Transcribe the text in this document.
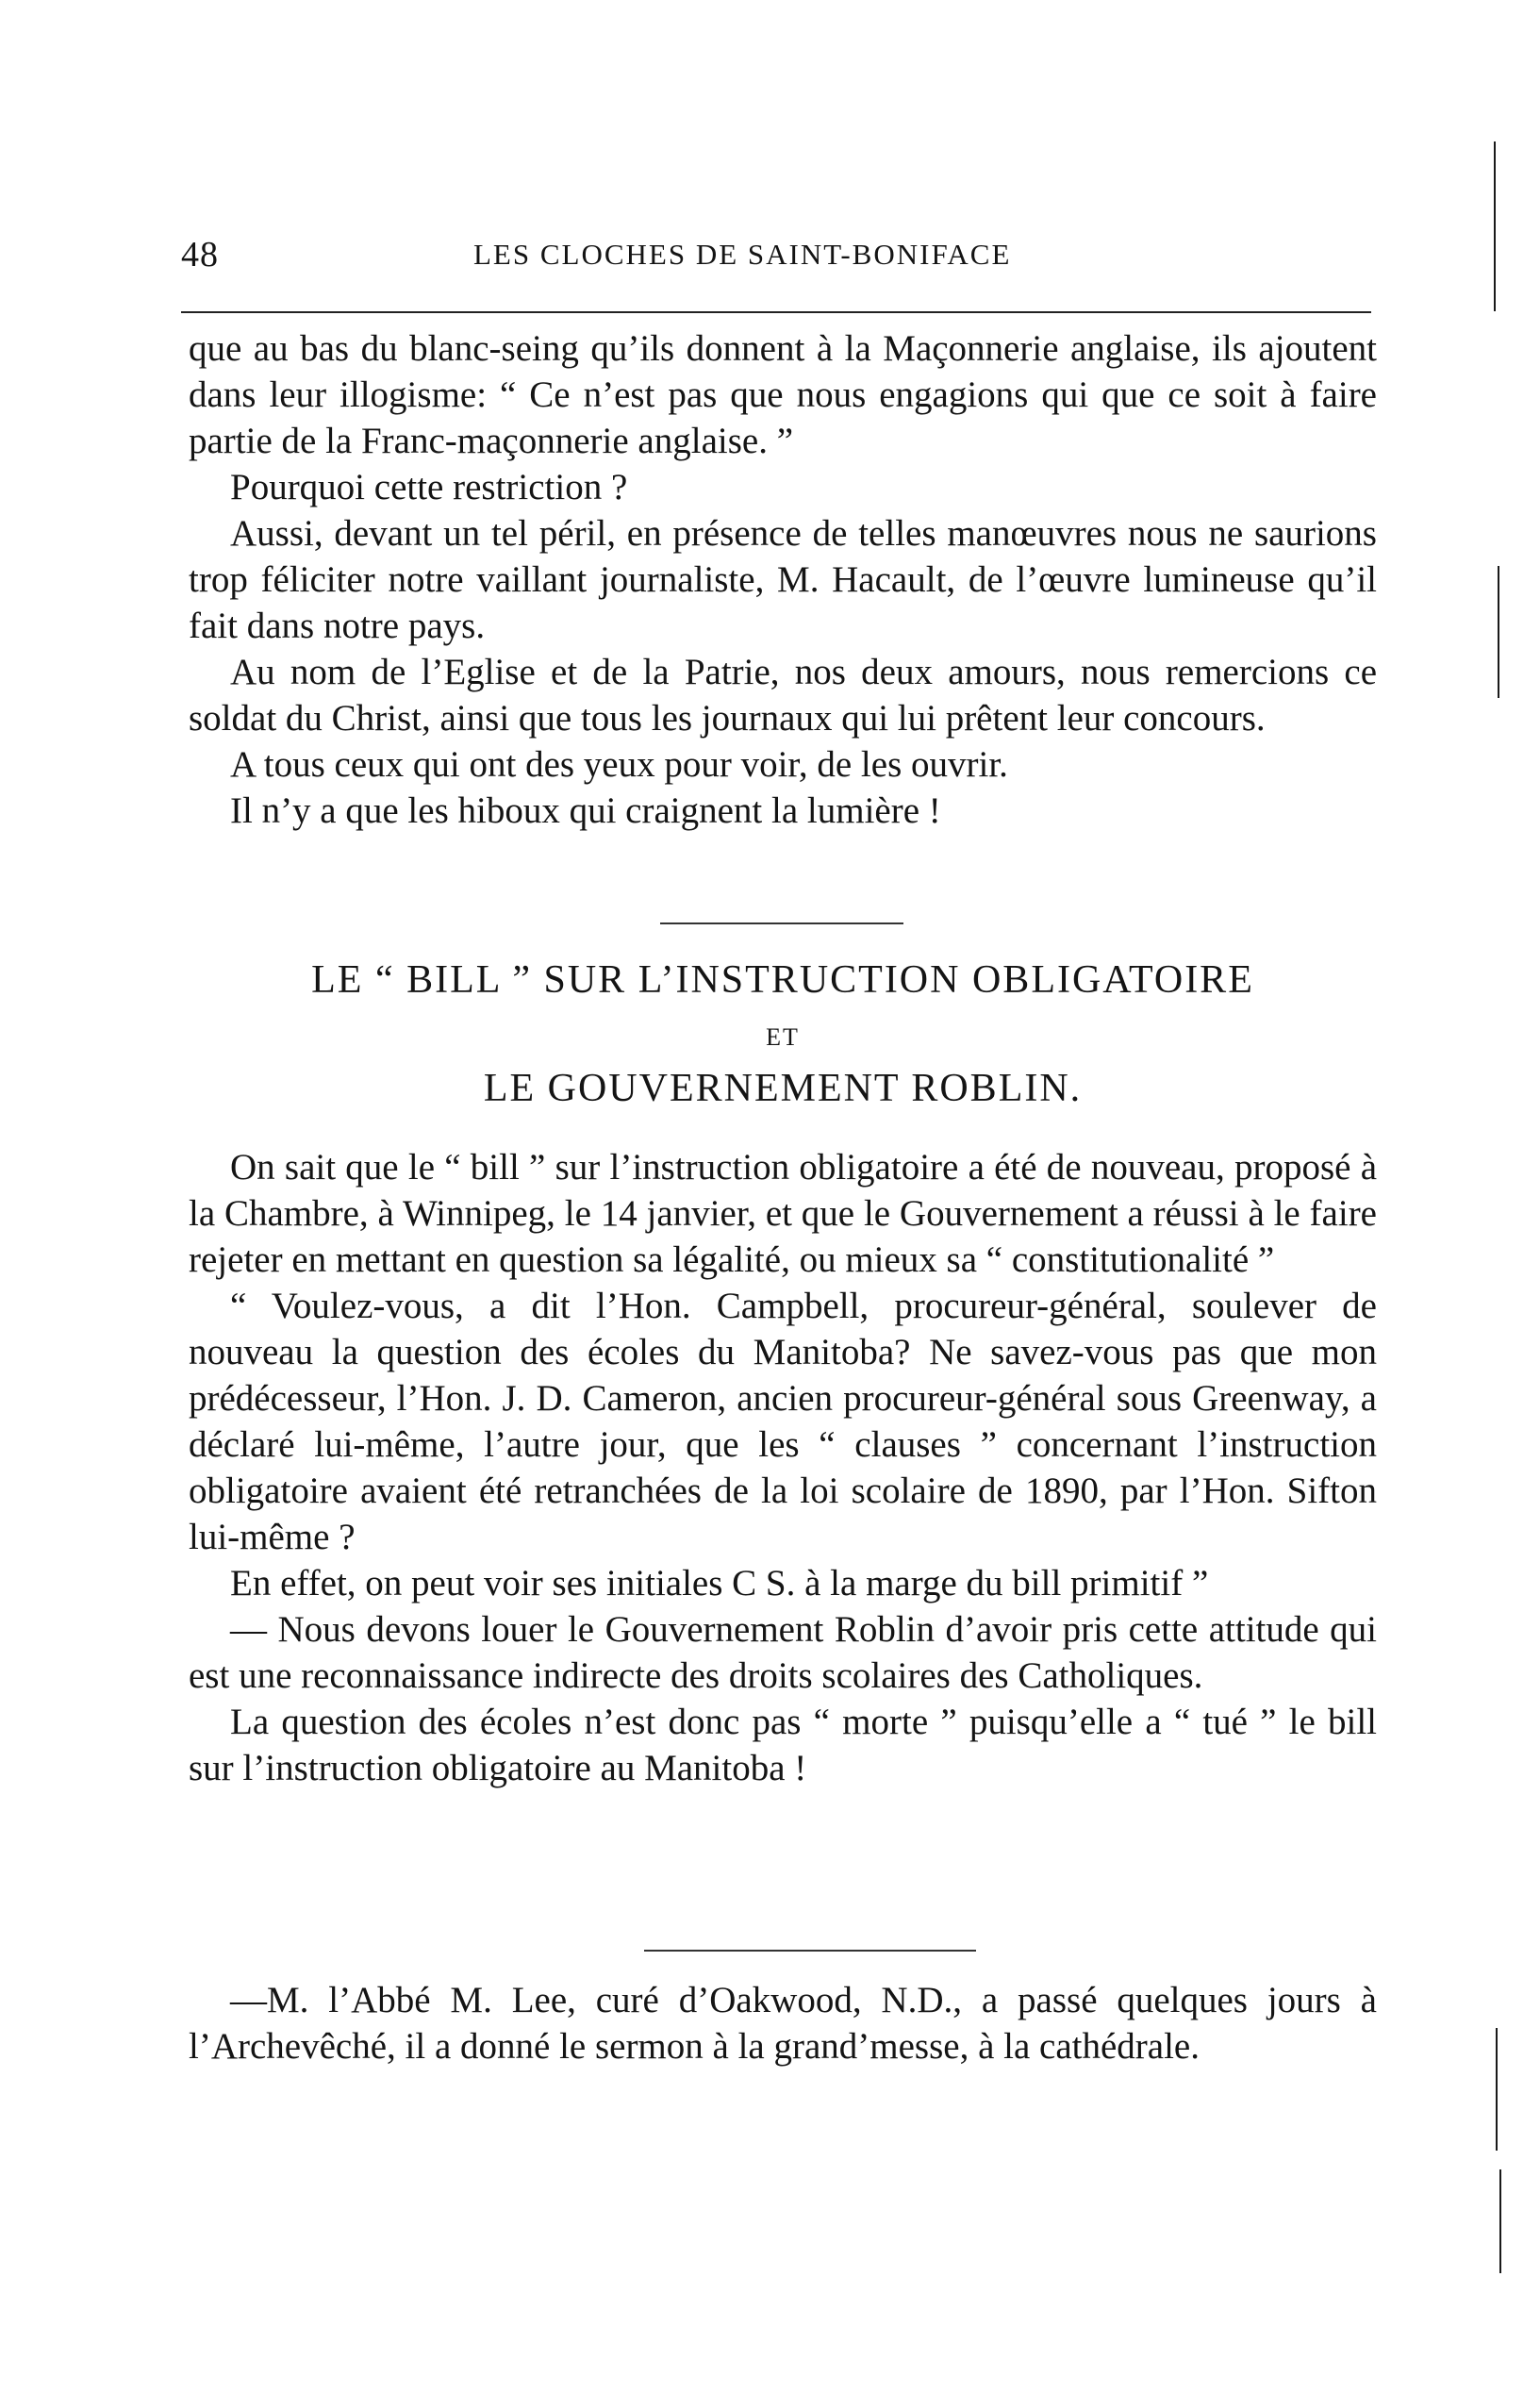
48	LES CLOCHES DE SAINT-BONIFACE

que au bas du blanc-seing qu’ils donnent à la Maçonnerie anglaise, ils ajoutent dans leur illogisme: “ Ce n’est pas que nous engagions qui que ce soit à faire partie de la Franc-maçonnerie anglaise. ”

Pourquoi cette restriction ?

Aussi, devant un tel péril, en présence de telles manœuvres nous ne saurions trop féliciter notre vaillant journaliste, M. Hacault, de l’œuvre lumineuse qu’il fait dans notre pays.

Au nom de l’Eglise et de la Patrie, nos deux amours, nous remercions ce soldat du Christ, ainsi que tous les journaux qui lui prêtent leur concours.

A tous ceux qui ont des yeux pour voir, de les ouvrir.

Il n’y a que les hiboux qui craignent la lumière !

LE “ BILL ” SUR L’INSTRUCTION OBLIGATOIRE
ET
LE GOUVERNEMENT ROBLIN.

On sait que le “ bill ” sur l’instruction obligatoire a été de nouveau, proposé à la Chambre, à Winnipeg, le 14 janvier, et que le Gouvernement a réussi à le faire rejeter en mettant en question sa légalité, ou mieux sa “ constitutionalité ”

“ Voulez-vous, a dit l’Hon. Campbell, procureur-général, soulever de nouveau la question des écoles du Manitoba? Ne savez-vous pas que mon prédécesseur, l’Hon. J. D. Cameron, ancien procureur-général sous Greenway, a déclaré lui-même, l’autre jour, que les “ clauses ” concernant l’instruction obligatoire avaient été retranchées de la loi scolaire de 1890, par l’Hon. Sifton lui-même ?

En effet, on peut voir ses initiales C S. à la marge du bill primitif ”

— Nous devons louer le Gouvernement Roblin d’avoir pris cette attitude qui est une reconnaissance indirecte des droits scolaires des Catholiques.

La question des écoles n’est donc pas “ morte ” puisqu’elle a “ tué ” le bill sur l’instruction obligatoire au Manitoba !

—M. l’Abbé M. Lee, curé d’Oakwood, N.D., a passé quelques jours à l’Archevêché, il a donné le sermon à la grand’messe, à la cathédrale.
